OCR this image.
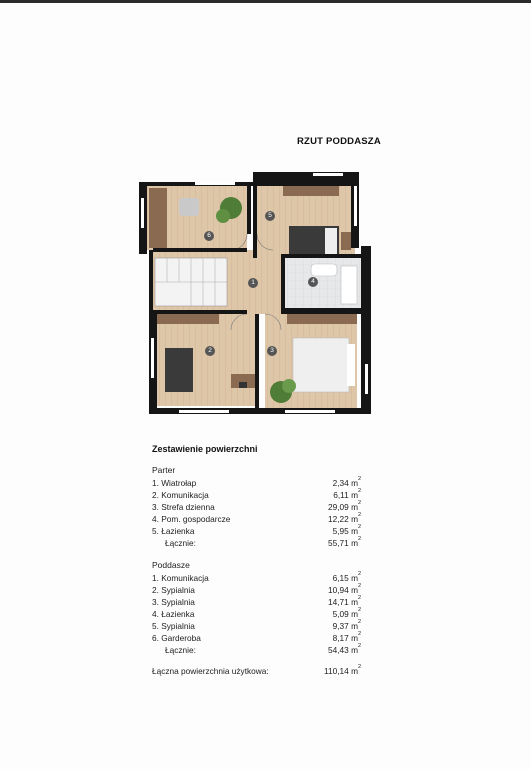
RZUT PODDASZA
6
5
1	4
2	3
Zestawienie powierzchni
Parter
1. Wiatrołap	2,34 m 2
2. Komunikacja	6,11 m 2
3. Strefa dzienna	29,09 m 2
4. Pom. gospodarcze	12,22 m 2
5. Łazienka	5,95 m 2
Łącznie:	55,71 m 2
Poddasze
1. Komunikacja	6,15 m 2
2. Sypialnia	10,94 m 2
3. Sypialnia	14,71 m 2
4. Łazienka	5,09 m 2
5. Sypialnia	9,37 m 2
6. Garderoba	8,17 m 2
Łącznie:	54,43 m 2
Łączna powierzchnia użytkowa:	110,14 m 2
